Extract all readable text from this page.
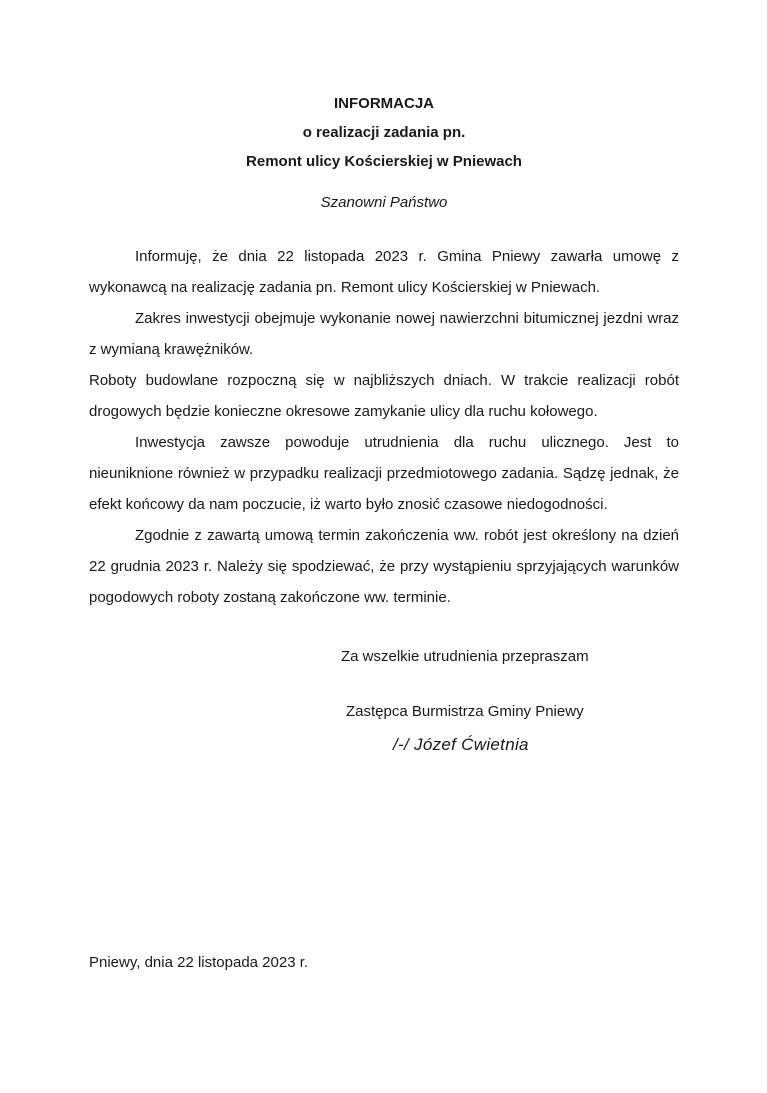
INFORMACJA
o realizacji zadania pn.
Remont ulicy Kościerskiej w Pniewach
Szanowni Państwo

Informuję, że dnia 22 listopada 2023 r. Gmina Pniewy zawarła umowę z wykonawcą na realizację zadania pn. Remont ulicy Kościerskiej w Pniewach.

Zakres inwestycji obejmuje wykonanie nowej nawierzchni bitumicznej jezdni wraz z wymianą krawężników.

Roboty budowlane rozpoczną się w najbliższych dniach. W trakcie realizacji robót drogowych będzie konieczne okresowe zamykanie ulicy dla ruchu kołowego.

Inwestycja zawsze powoduje utrudnienia dla ruchu ulicznego. Jest to nieuniknione również w przypadku realizacji przedmiotowego zadania. Sądzę jednak, że efekt końcowy da nam poczucie, iż warto było znosić czasowe niedogodności.

Zgodnie z zawartą umową termin zakończenia ww. robót jest określony na dzień 22 grudnia 2023 r. Należy się spodziewać, że przy wystąpieniu sprzyjających warunków pogodowych roboty zostaną zakończone ww. terminie.

Za wszelkie utrudnienia przepraszam
Zastępca Burmistrza Gminy Pniewy
/-/ Józef Ćwietnia
Pniewy, dnia 22 listopada 2023 r.
